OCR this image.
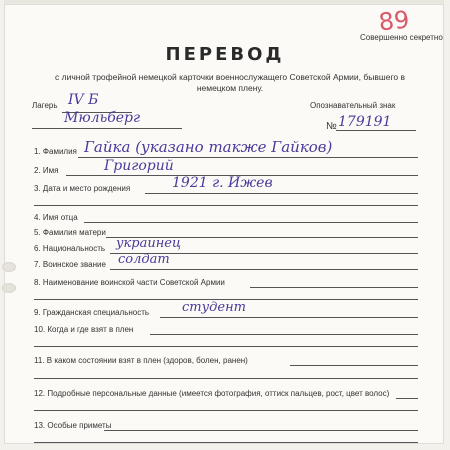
89
Совершенно секретно
ПЕРЕВОД
с личной трофейной немецкой карточки военнослужащего Советской Армии, бывшего в немецком плену.
Лагерь IV Б
Мюльберг
Опознавательный знак
№ 179191
1. Фамилия Гайка (указано также Гайков)
2. Имя	Григорий
3. Дата и место рождения	1921 г. Ижев
4. Имя отца
5. Фамилия матери
6. Национальность украинец
7. Воинское звание солдат
8. Наименование воинской части Советской Армии
9. Гражданская специальность	студент
10. Когда и где взят в плен
11. В каком состоянии взят в плен (здоров, болен, ранен)
12. Подробные персональные данные (имеется фотография, оттиск пальцев, рост, цвет волос)
13. Особые приметы
